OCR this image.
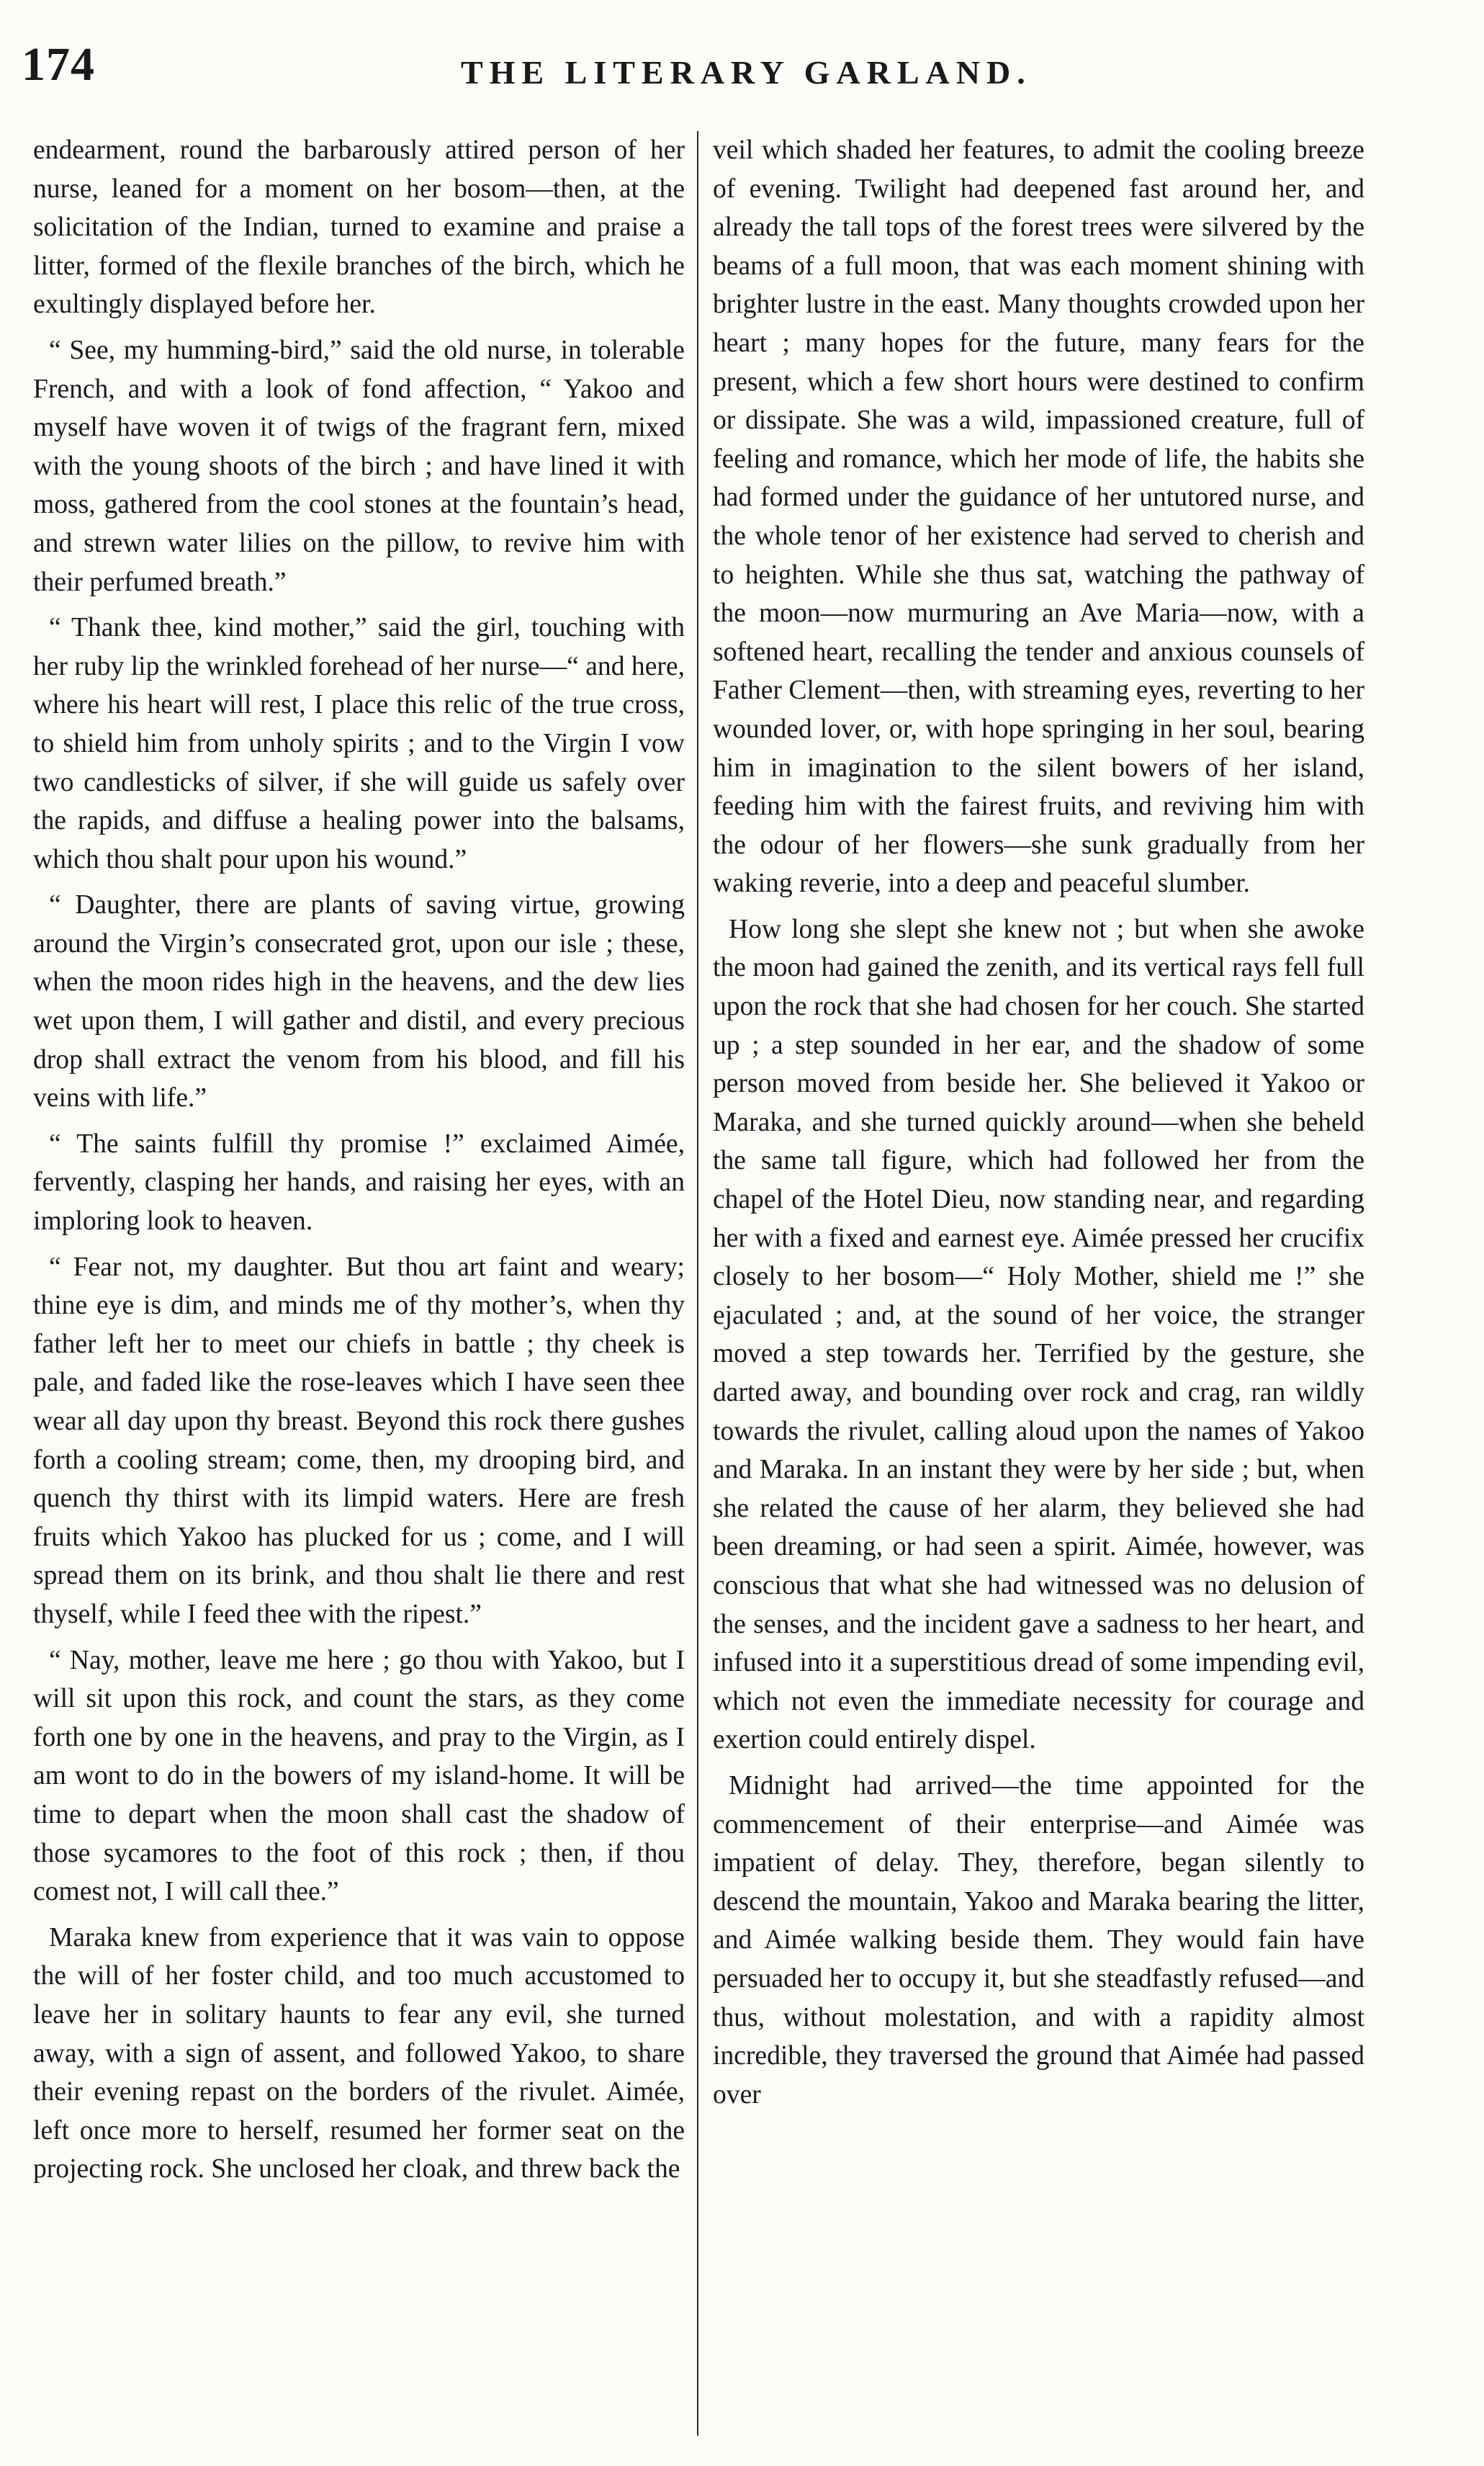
174	THE LITERARY GARLAND.

endearment, round the barbarously attired person of her nurse, leaned for a moment on her bosom—then, at the solicitation of the Indian, turned to examine and praise a litter, formed of the flexile branches of the birch, which he exultingly displayed before her.

“ See, my humming-bird,” said the old nurse, in tolerable French, and with a look of fond affection, “ Yakoo and myself have woven it of twigs of the fragrant fern, mixed with the young shoots of the birch ; and have lined it with moss, gathered from the cool stones at the fountain’s head, and strewn water lilies on the pillow, to revive him with their perfumed breath.”

“ Thank thee, kind mother,” said the girl, touching with her ruby lip the wrinkled forehead of her nurse—“ and here, where his heart will rest, I place this relic of the true cross, to shield him from unholy spirits ; and to the Virgin I vow two candlesticks of silver, if she will guide us safely over the rapids, and diffuse a healing power into the balsams, which thou shalt pour upon his wound.”

“ Daughter, there are plants of saving virtue, growing around the Virgin’s consecrated grot, upon our isle ; these, when the moon rides high in the heavens, and the dew lies wet upon them, I will gather and distil, and every precious drop shall extract the venom from his blood, and fill his veins with life.”

“ The saints fulfill thy promise !” exclaimed Aimée, fervently, clasping her hands, and raising her eyes, with an imploring look to heaven.

“ Fear not, my daughter. But thou art faint and weary; thine eye is dim, and minds me of thy mother’s, when thy father left her to meet our chiefs in battle ; thy cheek is pale, and faded like the rose-leaves which I have seen thee wear all day upon thy breast. Beyond this rock there gushes forth a cooling stream; come, then, my drooping bird, and quench thy thirst with its limpid waters. Here are fresh fruits which Yakoo has plucked for us ; come, and I will spread them on its brink, and thou shalt lie there and rest thyself, while I feed thee with the ripest.”

“ Nay, mother, leave me here ; go thou with Yakoo, but I will sit upon this rock, and count the stars, as they come forth one by one in the heavens, and pray to the Virgin, as I am wont to do in the bowers of my island-home. It will be time to depart when the moon shall cast the shadow of those sycamores to the foot of this rock ; then, if thou comest not, I will call thee.”

Maraka knew from experience that it was vain to oppose the will of her foster child, and too much accustomed to leave her in solitary haunts to fear any evil, she turned away, with a sign of assent, and followed Yakoo, to share their evening repast on the borders of the rivulet. Aimée, left once more to herself, resumed her former seat on the projecting rock. She unclosed her cloak, and threw back the

veil which shaded her features, to admit the cooling breeze of evening. Twilight had deepened fast around her, and already the tall tops of the forest trees were silvered by the beams of a full moon, that was each moment shining with brighter lustre in the east. Many thoughts crowded upon her heart ; many hopes for the future, many fears for the present, which a few short hours were destined to confirm or dissipate. She was a wild, impassioned creature, full of feeling and romance, which her mode of life, the habits she had formed under the guidance of her untutored nurse, and the whole tenor of her existence had served to cherish and to heighten. While she thus sat, watching the pathway of the moon—now murmuring an Ave Maria—now, with a softened heart, recalling the tender and anxious counsels of Father Clement—then, with streaming eyes, reverting to her wounded lover, or, with hope springing in her soul, bearing him in imagination to the silent bowers of her island, feeding him with the fairest fruits, and reviving him with the odour of her flowers—she sunk gradually from her waking reverie, into a deep and peaceful slumber.

How long she slept she knew not ; but when she awoke the moon had gained the zenith, and its vertical rays fell full upon the rock that she had chosen for her couch. She started up ; a step sounded in her ear, and the shadow of some person moved from beside her. She believed it Yakoo or Maraka, and she turned quickly around—when she beheld the same tall figure, which had followed her from the chapel of the Hotel Dieu, now standing near, and regarding her with a fixed and earnest eye. Aimée pressed her crucifix closely to her bosom—“ Holy Mother, shield me !” she ejaculated ; and, at the sound of her voice, the stranger moved a step towards her. Terrified by the gesture, she darted away, and bounding over rock and crag, ran wildly towards the rivulet, calling aloud upon the names of Yakoo and Maraka. In an instant they were by her side ; but, when she related the cause of her alarm, they believed she had been dreaming, or had seen a spirit. Aimée, however, was conscious that what she had witnessed was no delusion of the senses, and the incident gave a sadness to her heart, and infused into it a superstitious dread of some impending evil, which not even the immediate necessity for courage and exertion could entirely dispel.

Midnight had arrived—the time appointed for the commencement of their enterprise—and Aimée was impatient of delay. They, therefore, began silently to descend the mountain, Yakoo and Maraka bearing the litter, and Aimée walking beside them. They would fain have persuaded her to occupy it, but she steadfastly refused—and thus, without molestation, and with a rapidity almost incredible, they traversed the ground that Aimée had passed over
